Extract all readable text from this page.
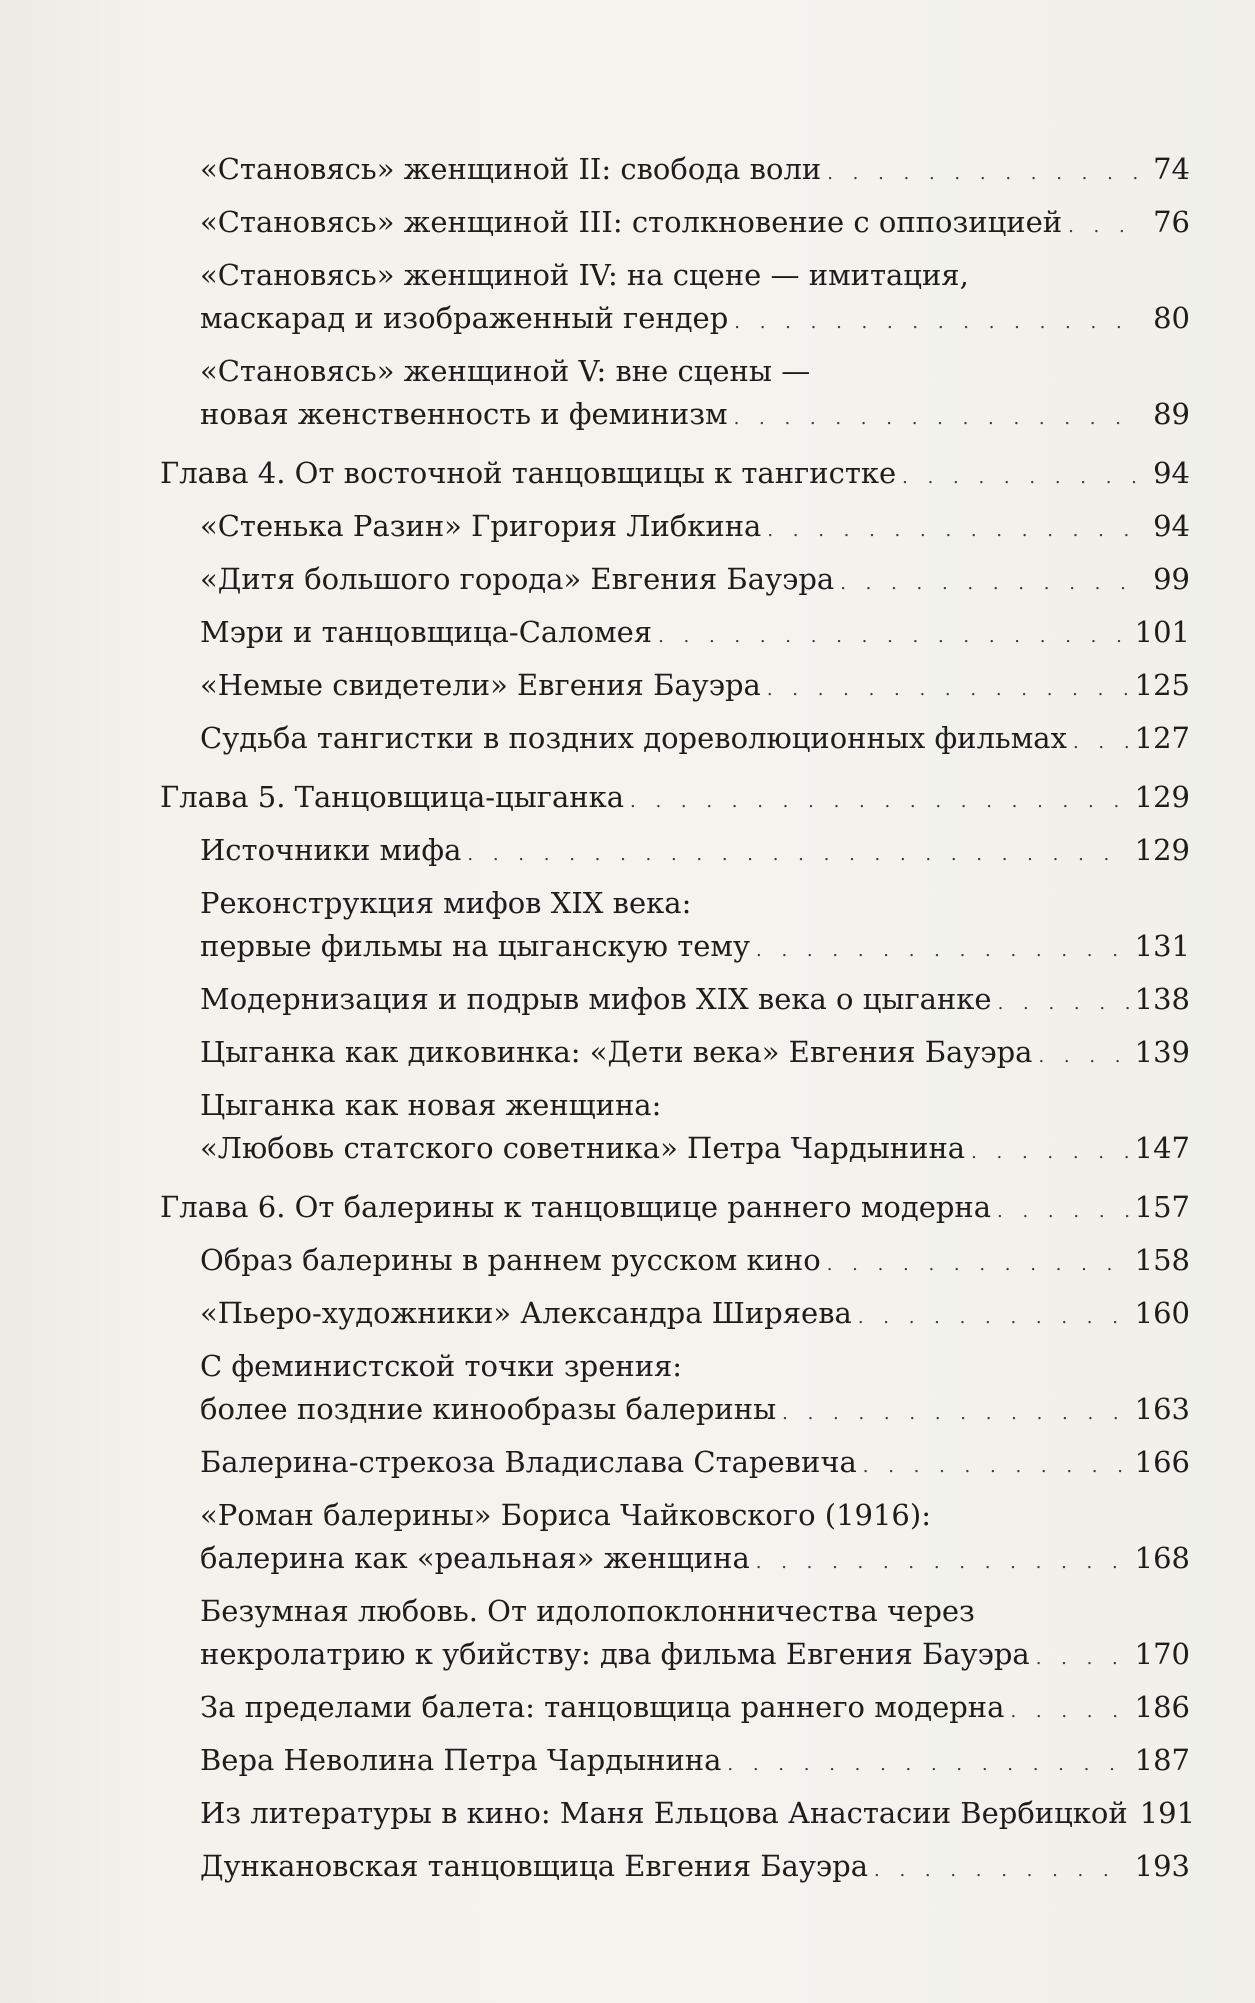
«Становясь» женщиной II: свобода воли . . .	74
«Становясь» женщиной III: столкновение с оппозицией . . .	76
«Становясь» женщиной IV: на сцене — имитация,
маскарад и изображенный гендер . . .	80
«Становясь» женщиной V: вне сцены —
новая женственность и феминизм . . .	89
Глава 4. От восточной танцовщицы к тангистке . . .	94
«Стенька Разин» Григория Либкина . . .	94
«Дитя большого города» Евгения Бауэра . . .	99
Мэри и танцовщица-Саломея . . .	101
«Немые свидетели» Евгения Бауэра . . .	125
Судьба тангистки в поздних дореволюционных фильмах . . . 127
Глава 5. Танцовщица-цыганка . . .	129
Источники мифа . . .	129
Реконструкция мифов XIX века:
первые фильмы на цыганскую тему . . .	131
Модернизация и подрыв мифов XIX века о цыганке . . .	138
Цыганка как диковинка: «Дети века» Евгения Бауэра . . .	139
Цыганка как новая женщина:
«Любовь статского советника» Петра Чардынина . . .	147
Глава 6. От балерины к танцовщице раннего модерна . . .	157
Образ балерины в раннем русском кино . . .	158
«Пьеро-художники» Александра Ширяева . . .	160
С феминистской точки зрения:
более поздние кинообразы балерины . . .	163
Балерина-стрекоза Владислава Старевича . . .	166
«Роман балерины» Бориса Чайковского (1916):
балерина как «реальная» женщина . . .	168
Безумная любовь. От идолопоклонничества через
некролатрию к убийству: два фильма Евгения Бауэра . . .	170
За пределами балета: танцовщица раннего модерна . . .	186
Вера Неволина Петра Чардынина . . .	187
Из литературы в кино: Маня Ельцова Анастасии Вербицкой 191
Дункановская танцовщица Евгения Бауэра . . .	193
